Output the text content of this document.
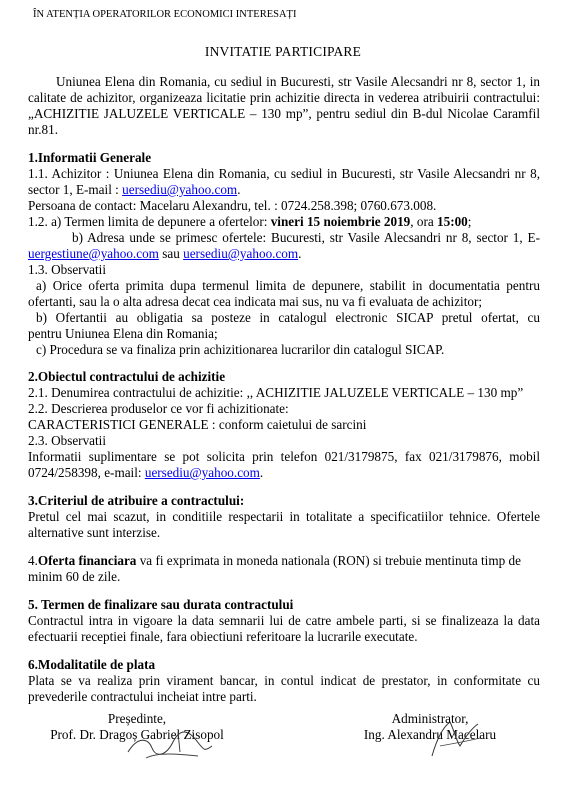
ÎN ATENȚIA OPERATORILOR ECONOMICI INTERESAȚI
INVITATIE PARTICIPARE
Uniunea Elena din Romania, cu sediul in Bucuresti, str Vasile Alecsandri nr 8, sector 1, in
calitate de achizitor, organizeaza licitatie prin achizitie directa in vederea atribuirii contractului:
„ACHIZITIE JALUZELE VERTICALE – 130 mp”, pentru sediul din B-dul Nicolae Caramfil
nr.81.
1.Informatii Generale
1.1. Achizitor : Uniunea Elena din Romania, cu sediul in Bucuresti, str Vasile Alecsandri nr 8,
sector 1, E-mail : uersediu@yahoo.com.
Persoana de contact: Macelaru Alexandru, tel. : 0724.258.398; 0760.673.008.
1.2. a) Termen limita de depunere a ofertelor: vineri 15 noiembrie 2019, ora 15:00;
b) Adresa unde se primesc ofertele: Bucuresti, str Vasile Alecsandri nr 8, sector 1, E-
uergestiune@yahoo.com sau uersediu@yahoo.com.
1.3. Observatii
a) Orice oferta primita dupa termenul limita de depunere, stabilit in documentatia pentru
ofertanti, sau la o alta adresa decat cea indicata mai sus, nu va fi evaluata de achizitor;
b) Ofertantii au obligatia sa posteze in catalogul electronic SICAP pretul ofertat, cu
pentru Uniunea Elena din Romania;
c) Procedura se va finaliza prin achizitionarea lucrarilor din catalogul SICAP.
2.Obiectul contractului de achizitie
2.1. Denumirea contractului de achizitie: ,, ACHIZITIE JALUZELE VERTICALE – 130 mp”
2.2. Descrierea produselor ce vor fi achizitionate:
CARACTERISTICI GENERALE : conform caietului de sarcini
2.3. Observatii
Informatii suplimentare se pot solicita prin telefon 021/3179875, fax 021/3179876, mobil
0724/258398, e-mail: uersediu@yahoo.com.
3.Criteriul de atribuire a contractului:
Pretul cel mai scazut, in conditiile respectarii in totalitate a specificatiilor tehnice. Ofertele
alternative sunt interzise.
4.Oferta financiara va fi exprimata in moneda nationala (RON) si trebuie mentinuta timp de
minim 60 de zile.
5. Termen de finalizare sau durata contractului
Contractul intra in vigoare la data semnarii lui de catre ambele parti, si se finalizeaza la data
efectuarii receptiei finale, fara obiectiuni referitoare la lucrarile executate.
6.Modalitatile de plata
Plata se va realiza prin virament bancar, in contul indicat de prestator, in conformitate cu
prevederile contractului incheiat intre parti.
Președinte,
Prof. Dr. Dragoș Gabriel Zisopol
Administrator,
Ing. Alexandru Macelaru
